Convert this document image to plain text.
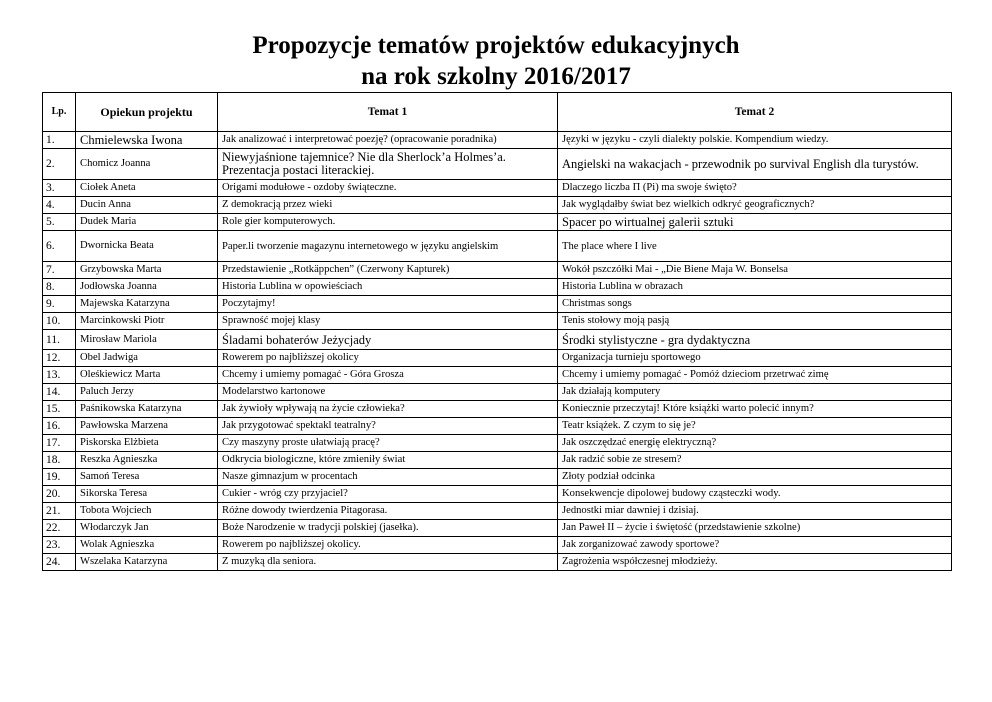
Propozycje tematów projektów edukacyjnych
na rok szkolny 2016/2017
Lp.	Opiekun projektu	Temat 1	Temat 2
1.	Chmielewska Iwona	Jak analizować i interpretować poezję? (opracowanie poradnika)	Języki w języku - czyli dialekty polskie. Kompendium wiedzy.
2.	Chomicz Joanna	Niewyjaśnione tajemnice? Nie dla Sherlock’a Holmes’a. Prezentacja postaci literackiej.	Angielski na wakacjach - przewodnik po survival English dla turystów.
3.	Ciołek Aneta	Origami modułowe - ozdoby świąteczne.	Dlaczego liczba Π (Pi) ma swoje święto?
4.	Ducin Anna	Z demokracją przez wieki	Jak wyglądałby świat bez wielkich odkryć geograficznych?
5.	Dudek Maria	Role gier komputerowych.	Spacer po wirtualnej galerii sztuki
6.	Dwornicka Beata	Paper.li tworzenie magazynu internetowego w języku angielskim	The place where I live
7.	Grzybowska Marta	Przedstawienie „Rotkäppchen” (Czerwony Kapturek)	Wokół pszczółki Mai - „Die Biene Maja W. Bonselsa
8.	Jodłowska Joanna	Historia Lublina w opowieściach	Historia Lublina w obrazach
9.	Majewska Katarzyna	Poczytajmy!	Christmas songs
10.	Marcinkowski Piotr	Sprawność mojej klasy	Tenis stołowy moją pasją
11.	Mirosław Mariola	Śladami bohaterów Jeżycjady	Środki stylistyczne - gra dydaktyczna
12.	Obel Jadwiga	Rowerem po najbliższej okolicy	Organizacja turnieju sportowego
13.	Oleśkiewicz Marta	Chcemy i umiemy pomagać - Góra Grosza	Chcemy i umiemy pomagać - Pomóż dzieciom przetrwać zimę
14.	Paluch Jerzy	Modelarstwo kartonowe	Jak działają komputery
15.	Paśnikowska Katarzyna	Jak żywioły wpływają na życie człowieka?	Koniecznie przeczytaj! Które książki warto polecić innym?
16.	Pawłowska Marzena	Jak przygotować spektakl teatralny?	Teatr książek. Z czym to się je?
17.	Piskorska Elżbieta	Czy maszyny proste ułatwiają pracę?	Jak oszczędzać energię elektryczną?
18.	Reszka Agnieszka	Odkrycia biologiczne, które zmieniły świat	Jak radzić sobie ze stresem?
19.	Samoń Teresa	Nasze gimnazjum w procentach	Złoty podział odcinka
20.	Sikorska Teresa	Cukier - wróg czy przyjaciel?	Konsekwencje dipolowej budowy cząsteczki wody.
21.	Tobota Wojciech	Różne dowody twierdzenia Pitagorasa.	Jednostki miar dawniej i dzisiaj.
22.	Włodarczyk Jan	Boże Narodzenie w tradycji polskiej (jasełka).	Jan Paweł II – życie i świętość (przedstawienie szkolne)
23.	Wolak Agnieszka	Rowerem po najbliższej okolicy.	Jak zorganizować zawody sportowe?
24.	Wszelaka Katarzyna	Z muzyką dla seniora.	Zagrożenia współczesnej młodzieży.
